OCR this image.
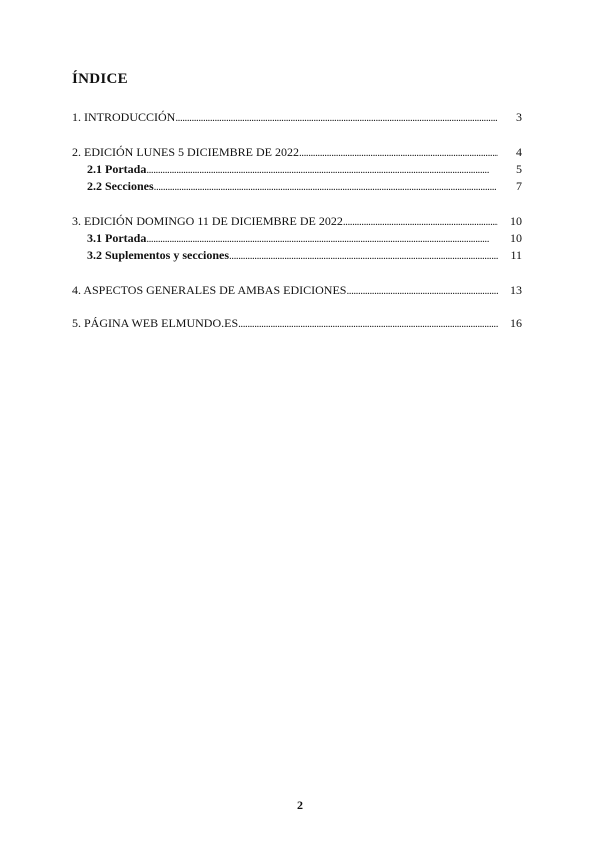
ÍNDICE
1. INTRODUCCIÓN . . .	3
2. EDICIÓN LUNES 5 DICIEMBRE DE 2022 . . .	4
2.1 Portada . . .	5
2.2 Secciones . . .	7
3. EDICIÓN DOMINGO 11 DE DICIEMBRE DE 2022 . . .	10
3.1 Portada . . .	10
3.2 Suplementos y secciones . . .	11
4. ASPECTOS GENERALES DE AMBAS EDICIONES . . .	13
5. PÁGINA WEB ELMUNDO.ES . . .	16
2
